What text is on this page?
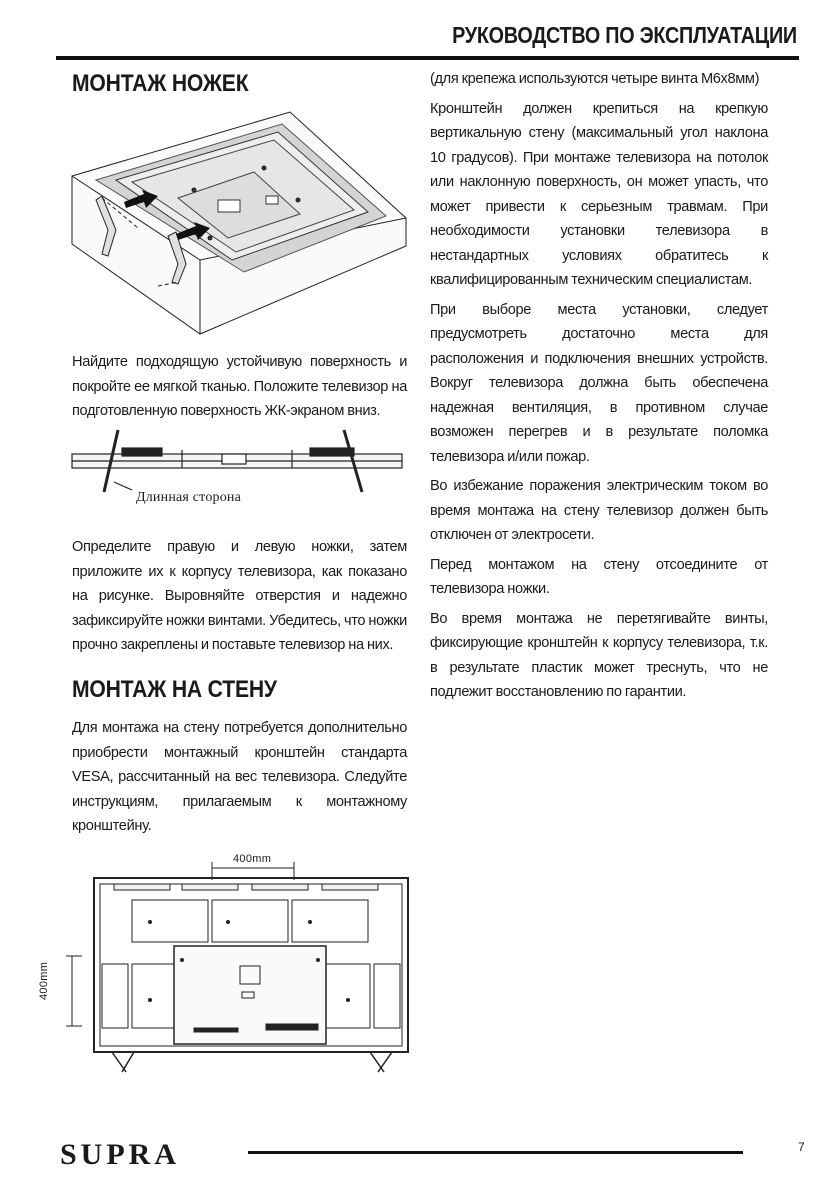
РУКОВОДСТВО ПО ЭКСПЛУАТАЦИИ
МОНТАЖ НОЖЕК
Найдите подходящую устойчивую поверхность и покройте ее мягкой тканью. Положите телевизор на подготовленную поверхность ЖК-экраном вниз.
Длинная сторона
Определите правую и левую ножки, затем приложите их к корпусу телевизора, как показано на рисунке. Выровняйте отверстия и надежно зафиксируйте ножки винтами. Убедитесь, что ножки прочно закреплены и поставьте телевизор на них.
МОНТАЖ НА СТЕНУ
Для монтажа на стену потребуется дополнительно приобрести монтажный кронштейн стандарта VESA, рассчитанный на вес телевизора. Следуйте инструкциям, прилагаемым к монтажному кронштейну.
400mm
400mm
(для крепежа используются четыре винта M6x8мм)
Кронштейн должен крепиться на крепкую вертикальную стену (максимальный угол наклона 10 градусов). При монтаже телевизора на потолок или наклонную поверхность, он может упасть, что может привести к серьезным травмам. При необходимости установки телевизора в нестандартных условиях обратитесь к квалифицированным техническим специалистам.
При выборе места установки, следует предусмотреть достаточно места для расположения и подключения внешних устройств. Вокруг телевизора должна быть обеспечена надежная вентиляция, в противном случае возможен перегрев и в результате поломка телевизора и/или пожар.
Во избежание поражения электрическим током во время монтажа на стену телевизор должен быть отключен от электросети.
Перед монтажом на стену отсоедините от телевизора ножки.
Во время монтажа не перетягивайте винты, фиксирующие кронштейн к корпусу телевизора, т.к. в результате пластик может треснуть, что не подлежит восстановлению по гарантии.
SUPRA	7
